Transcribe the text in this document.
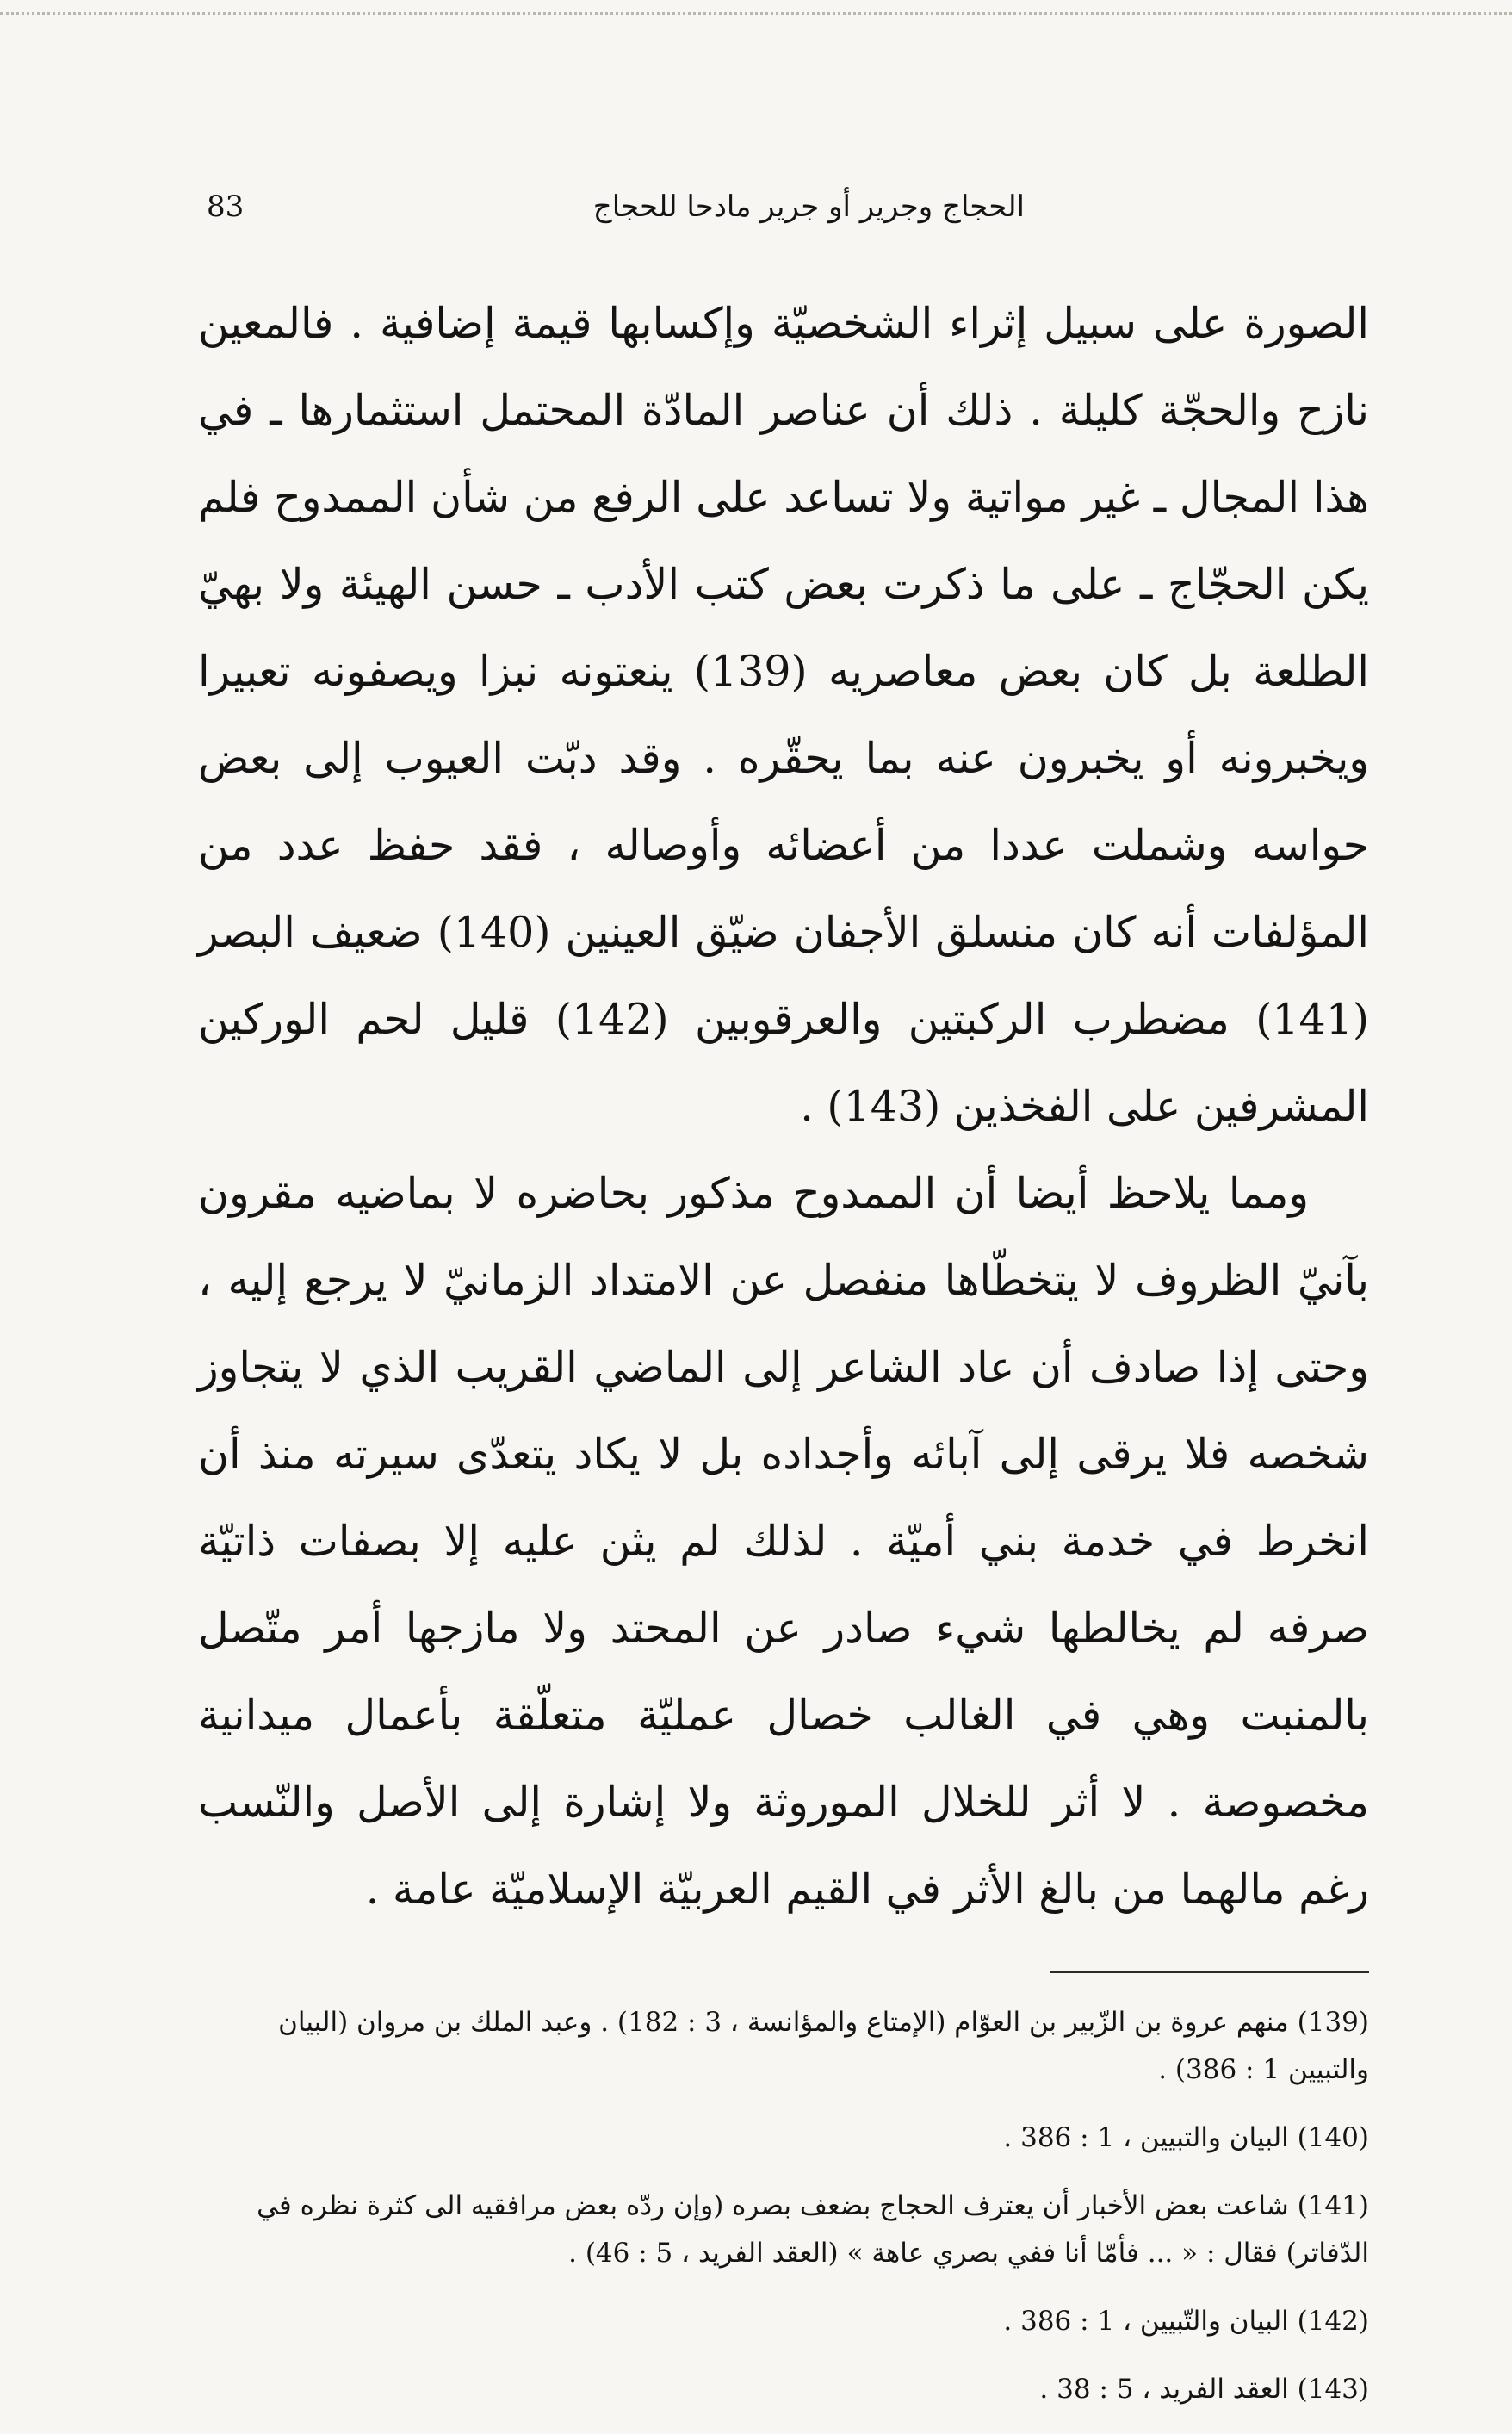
الحجاج وجرير أو جرير مادحا للحجاج
83

الصورة على سبيل إثراء الشخصيّة وإكسابها قيمة إضافية . فالمعين نازح والحجّة كليلة . ذلك أن عناصر المادّة المحتمل استثمارها ـ في هذا المجال ـ غير مواتية ولا تساعد على الرفع من شأن الممدوح فلم يكن الحجّاج ـ على ما ذكرت بعض كتب الأدب ـ حسن الهيئة ولا بهيّ الطلعة بل كان بعض معاصريه (139) ينعتونه نبزا ويصفونه تعبيرا ويخبرونه أو يخبرون عنه بما يحقّره . وقد دبّت العيوب إلى بعض حواسه وشملت عددا من أعضائه وأوصاله ، فقد حفظ عدد من المؤلفات أنه كان منسلق الأجفان ضيّق العينين (140) ضعيف البصر (141) مضطرب الركبتين والعرقوبين (142) قليل لحم الوركين المشرفين على الفخذين (143) .

ومما يلاحظ أيضا أن الممدوح مذكور بحاضره لا بماضيه مقرون بآنيّ الظروف لا يتخطّاها منفصل عن الامتداد الزمانيّ لا يرجع إليه ، وحتى إذا صادف أن عاد الشاعر إلى الماضي القريب الذي لا يتجاوز شخصه فلا يرقى إلى آبائه وأجداده بل لا يكاد يتعدّى سيرته منذ أن انخرط في خدمة بني أميّة . لذلك لم يثن عليه إلا بصفات ذاتيّة صرفه لم يخالطها شيء صادر عن المحتد ولا مازجها أمر متّصل بالمنبت وهي في الغالب خصال عمليّة متعلّقة بأعمال ميدانية مخصوصة . لا أثر للخلال الموروثة ولا إشارة إلى الأصل والنّسب رغم مالهما من بالغ الأثر في القيم العربيّة الإسلاميّة عامة .

(139) منهم عروة بن الزّبير بن العوّام (الإمتاع والمؤانسة ، 3 : 182) . وعبد الملك بن مروان (البيان والتبيين 1 : 386) .

(140) البيان والتبيين ، 1 : 386 .

(141) شاعت بعض الأخبار أن يعترف الحجاج بضعف بصره (وإن ردّه بعض مرافقيه الى كثرة نظره في الدّفاتر) فقال : « ... فأمّا أنا ففي بصري عاهة » (العقد الفريد ، 5 : 46) .

(142) البيان والتّبيين ، 1 : 386 .

(143) العقد الفريد ، 5 : 38 .
